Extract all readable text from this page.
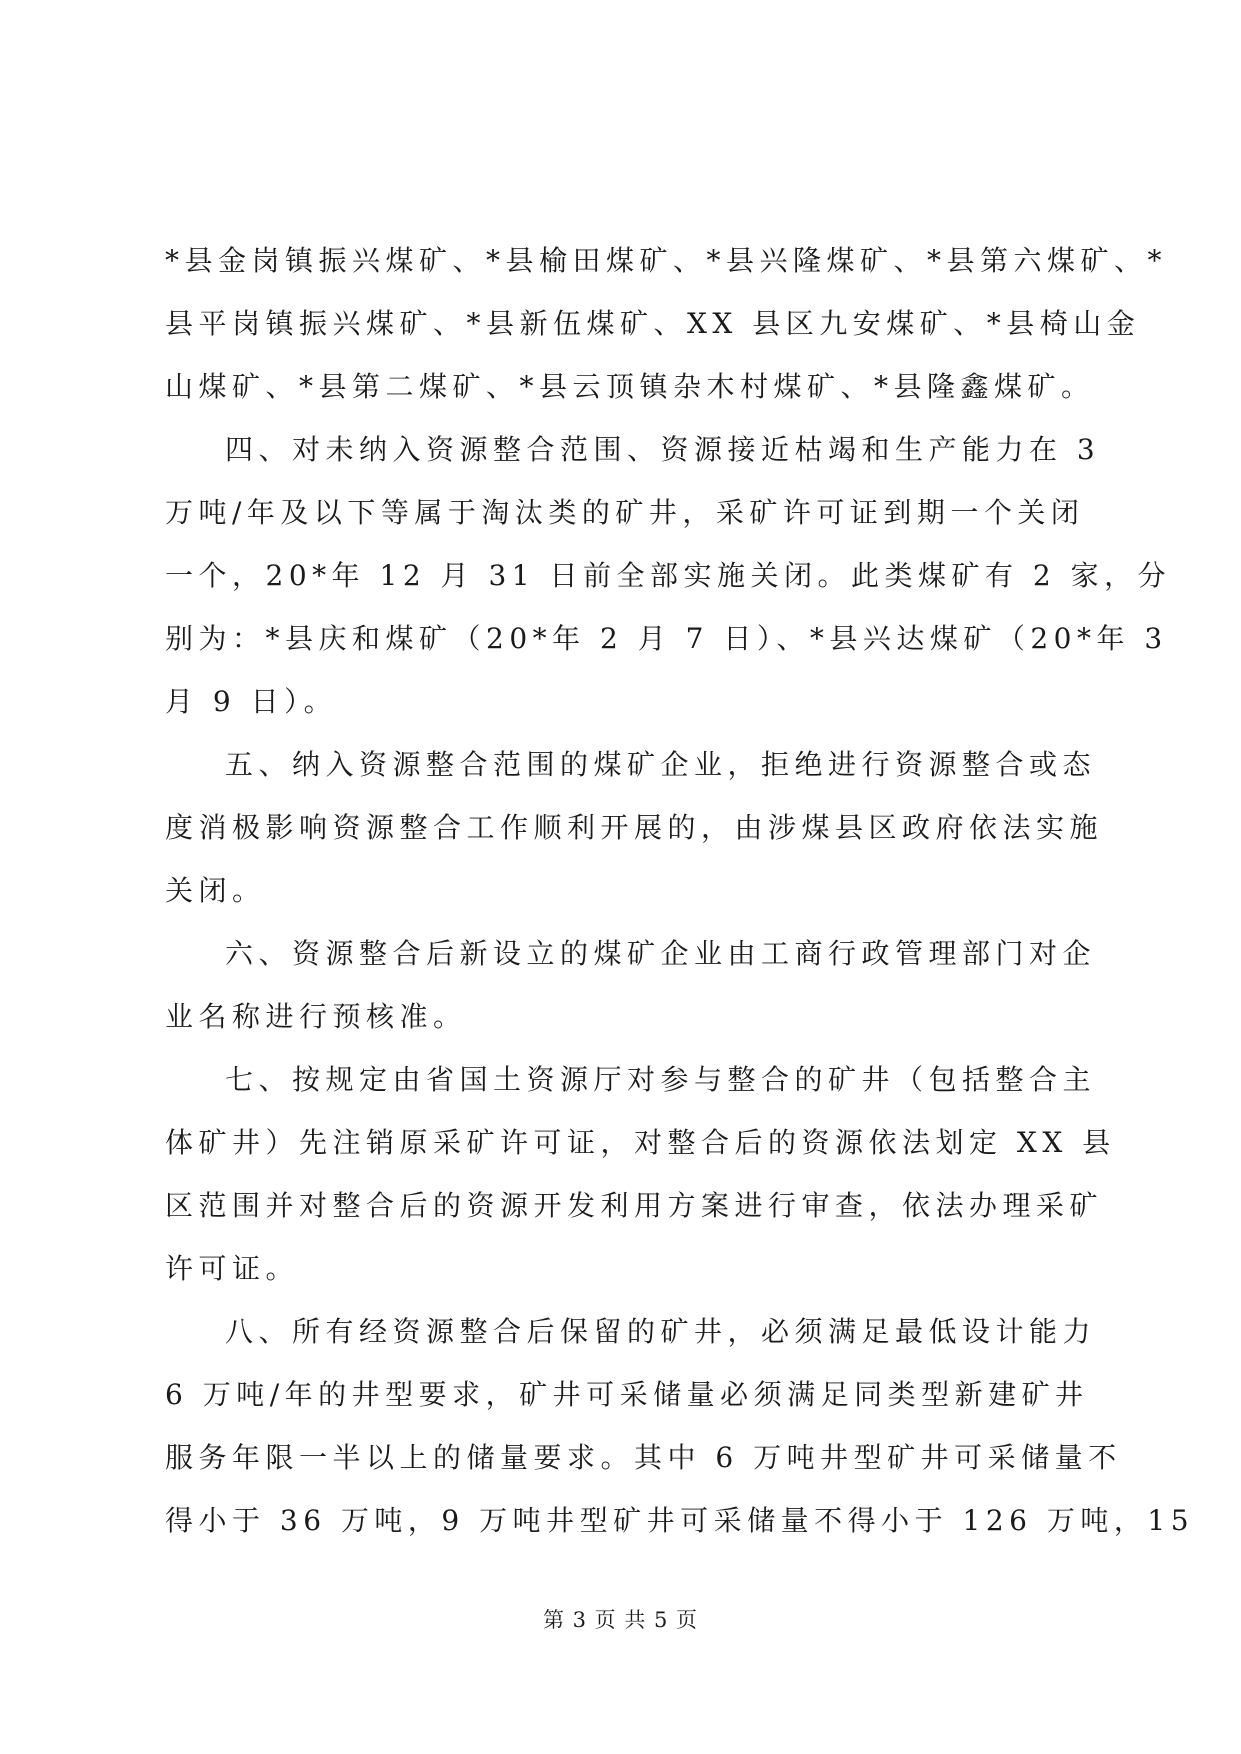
*县金岗镇振兴煤矿、*县榆田煤矿、*县兴隆煤矿、*县第六煤矿、*
县平岗镇振兴煤矿、*县新伍煤矿、XX 县区九安煤矿、*县椅山金
山煤矿、*县第二煤矿、*县云顶镇杂木村煤矿、*县隆鑫煤矿。
四、对未纳入资源整合范围、资源接近枯竭和生产能力在 3
万吨/年及以下等属于淘汰类的矿井，采矿许可证到期一个关闭
一个，20*年 12 月 31 日前全部实施关闭。此类煤矿有 2 家，分
别为：*县庆和煤矿（20*年 2 月 7 日）、*县兴达煤矿（20*年 3
月 9 日）。
五、纳入资源整合范围的煤矿企业，拒绝进行资源整合或态
度消极影响资源整合工作顺利开展的，由涉煤县区政府依法实施
关闭。
六、资源整合后新设立的煤矿企业由工商行政管理部门对企
业名称进行预核准。
七、按规定由省国土资源厅对参与整合的矿井（包括整合主
体矿井）先注销原采矿许可证，对整合后的资源依法划定 XX 县
区范围并对整合后的资源开发利用方案进行审查，依法办理采矿
许可证。
八、所有经资源整合后保留的矿井，必须满足最低设计能力
6 万吨/年的井型要求，矿井可采储量必须满足同类型新建矿井
服务年限一半以上的储量要求。其中 6 万吨井型矿井可采储量不
得小于 36 万吨，9 万吨井型矿井可采储量不得小于 126 万吨，15
第 3 页 共 5 页
